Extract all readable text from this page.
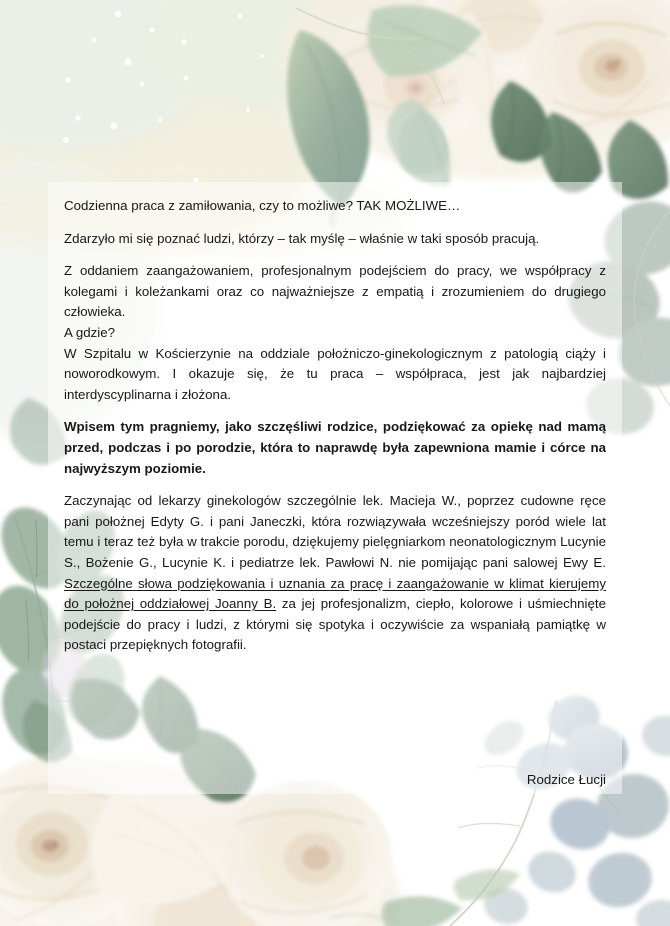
Codzienna praca z zamiłowania, czy to możliwe? TAK MOŻLIWE…

Zdarzyło mi się poznać ludzi, którzy – tak myślę – właśnie w taki sposób pracują.

Z oddaniem zaangażowaniem, profesjonalnym podejściem do pracy, we współpracy z kolegami i koleżankami oraz co najważniejsze z empatią i zrozumieniem do drugiego człowieka.

A gdzie?

W Szpitalu w Kościerzynie na oddziale położniczo-ginekologicznym z patologią ciąży i noworodkowym. I okazuje się, że tu praca – współpraca, jest jak najbardziej interdyscyplinarna i złożona.

Wpisem tym pragniemy, jako szczęśliwi rodzice, podziękować za opiekę nad mamą przed, podczas i po porodzie, która to naprawdę była zapewniona mamie i córce na najwyższym poziomie.

Zaczynając od lekarzy ginekologów szczególnie lek. Macieja W., poprzez cudowne ręce pani położnej Edyty G. i pani Janeczki, która rozwiązywała wcześniejszy poród wiele lat temu i teraz też była w trakcie porodu, dziękujemy pielęgniarkom neonatologicznym Lucynie S., Bożenie G., Lucynie K. i pediatrze lek. Pawłowi N. nie pomijając pani salowej Ewy E. Szczególne słowa podziękowania i uznania za pracę i zaangażowanie w klimat kierujemy do położnej oddziałowej Joanny B. za jej profesjonalizm, ciepło, kolorowe i uśmiechnięte podejście do pracy i ludzi, z którymi się spotyka i oczywiście za wspaniałą pamiątkę w postaci przepięknych fotografii.

Rodzice Łucji
